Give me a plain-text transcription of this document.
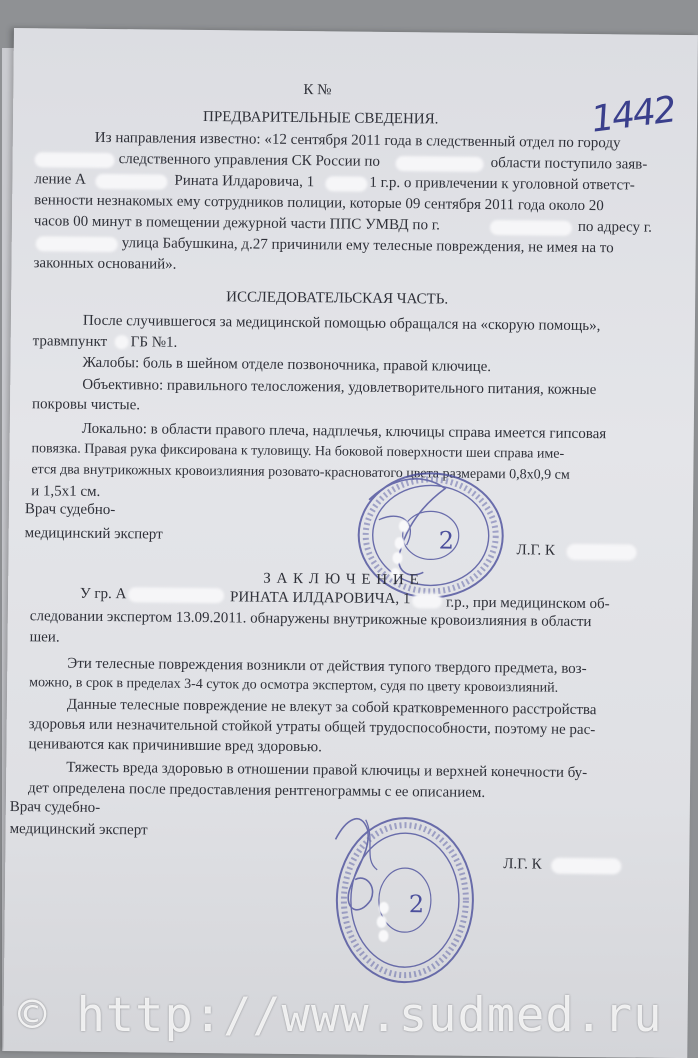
1442
К №
ПРЕДВАРИТЕЛЬНЫЕ СВЕДЕНИЯ.
Из направления известно: «12 сентября 2011 года в следственный отдел по городу
следственного управления СК России по	области поступило заяв-
ление А	Рината Илдаровича, 1	1 г.р. о привлечении к уголовной ответст-
венности незнакомых ему сотрудников полиции, которые 09 сентября 2011 года около 20
часов 00 минут в помещении дежурной части ППС УМВД по г.	по адресу г.
улица Бабушкина, д.27 причинили ему телесные повреждения, не имея на то
законных оснований».
ИССЛЕДОВАТЕЛЬСКАЯ ЧАСТЬ.
После случившегося за медицинской помощью обращался на «скорую помощь»,
травмпункт ГБ №1.
Жалобы: боль в шейном отделе позвоночника, правой ключице.
Объективно: правильного телосложения, удовлетворительного питания, кожные
покровы чистые.
Локально: в области правого плеча, надплечья, ключицы справа имеется гипсовая
повязка. Правая рука фиксирована к туловищу. На боковой поверхности шеи справа име-
ется два внутрикожных кровоизлияния розовато-красноватого цвета размерами 0,8х0,9 см
и 1,5х1 см.
Врач судебно-
медицинский эксперт
Л.Г. К
2
З А К Л Ю Ч Е Н И Е
У гр. А	РИНАТА ИЛДАРОВИЧА, 1 г.р., при медицинском об-
следовании экспертом 13.09.2011. обнаружены внутрикожные кровоизлияния в области
шеи.
Эти телесные повреждения возникли от действия тупого твердого предмета, воз-
можно, в срок в пределах 3-4 суток до осмотра экспертом, судя по цвету кровоизлияний.
Данные телесные повреждение не влекут за собой кратковременного расстройства
здоровья или незначительной стойкой утраты общей трудоспособности, поэтому не рас-
цениваются как причинившие вред здоровью.
Тяжесть вреда здоровью в отношении правой ключицы и верхней конечности бу-
дет определена после предоставления рентгенограммы с ее описанием.
Врач судебно-
медицинский эксперт
Л.Г. К
2
© http://www.sudmed.ru
